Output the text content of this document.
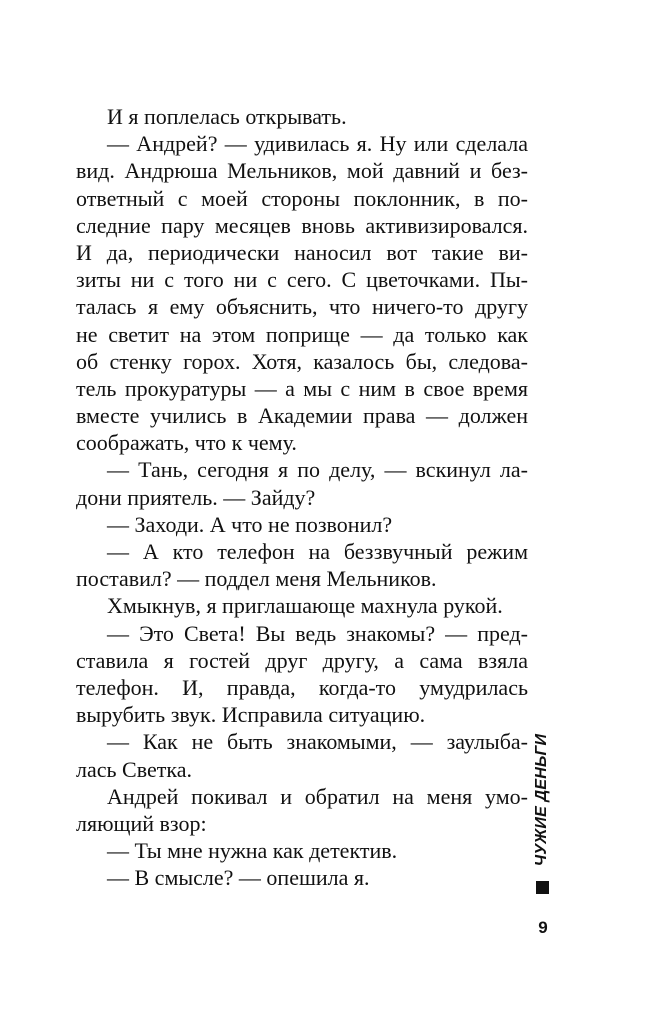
И я поплелась открывать.
— Андрей? — удивилась я. Ну или сделала
вид. Андрюша Мельников, мой давний и без-
ответный с моей стороны поклонник, в по-
следние пару месяцев вновь активизировался.
И да, периодически наносил вот такие ви-
зиты ни с того ни с сего. С цветочками. Пы-
талась я ему объяснить, что ничего-то другу
не светит на этом поприще — да только как
об стенку горох. Хотя, казалось бы, следова-
тель прокуратуры — а мы с ним в свое время
вместе учились в Академии права — должен
соображать, что к чему.
— Тань, сегодня я по делу, — вскинул ла-
дони приятель. — Зайду?
— Заходи. А что не позвонил?
— А кто телефон на беззвучный режим
поставил? — поддел меня Мельников.
Хмыкнув, я приглашающе махнула рукой.
— Это Света! Вы ведь знакомы? — пред-
ставила я гостей друг другу, а сама взяла
телефон. И, правда, когда-то умудрилась
вырубить звук. Исправила ситуацию.
— Как не быть знакомыми, — заулыба-
лась Светка.
Андрей покивал и обратил на меня умо-
ляющий взор:
— Ты мне нужна как детектив.
— В смысле? — опешила я.
ЧУЖИЕ ДЕНЬГИ
9
